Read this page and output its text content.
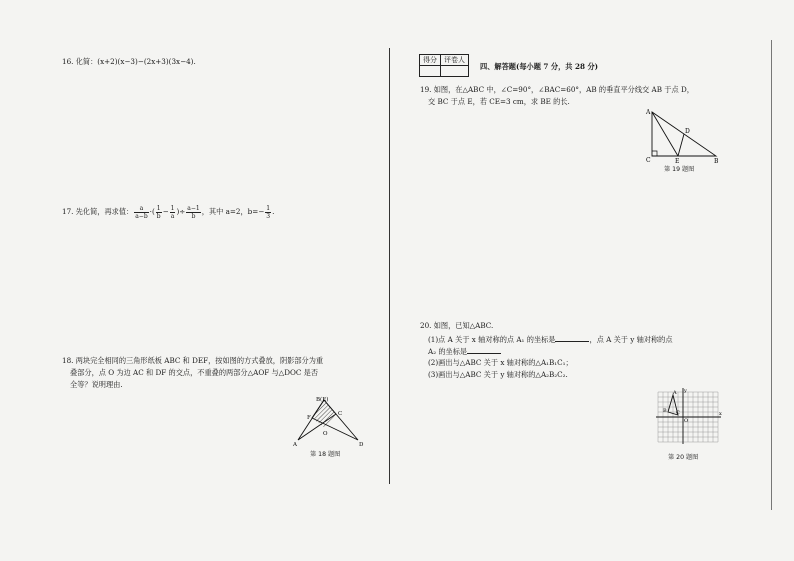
16. 化简：(x+2)(x−3)−(2x+3)(3x−4).
17. 先化简，再求值： $\frac{a}{a-b}$ ·( $\frac{1}{b} - \frac{1}{a}$ )÷ $\frac{a-1}{b}$ ，其中 a=2，$b=- \frac{1}{3}$ .
18. 两块完全相同的三角形纸板 ABC 和 DEF，按如图的方式叠放，阴影部分为重
叠部分，点 O 为边 AC 和 DF 的交点，不重叠的两部分△AOF 与△DOC 是否
全等？说明理由.
B(E)
F
C
O
A	D
第 18 题图
得分	评卷人

四、解答题(每小题 7 分，共 28 分)
19. 如图，在△ABC 中，∠C=90°，∠BAC=60°，AB 的垂直平分线交 AB 于点 D，
交 BC 于点 E，若 CE=3 cm，求 BE 的长.
A
D
C	E	B
第 19 题图
20. 如图，已知△ABC.
(1)点 A 关于 x 轴对称的点 A₁ 的坐标是	，点 A 关于 y 轴对称的点
A₂ 的坐标是
(2)画出与△ABC 关于 x 轴对称的△A₁B₁C₁；
(3)画出与△ABC 关于 y 轴对称的△A₂B₂C₂.
y
x
A
B C
O
第 20 题图
